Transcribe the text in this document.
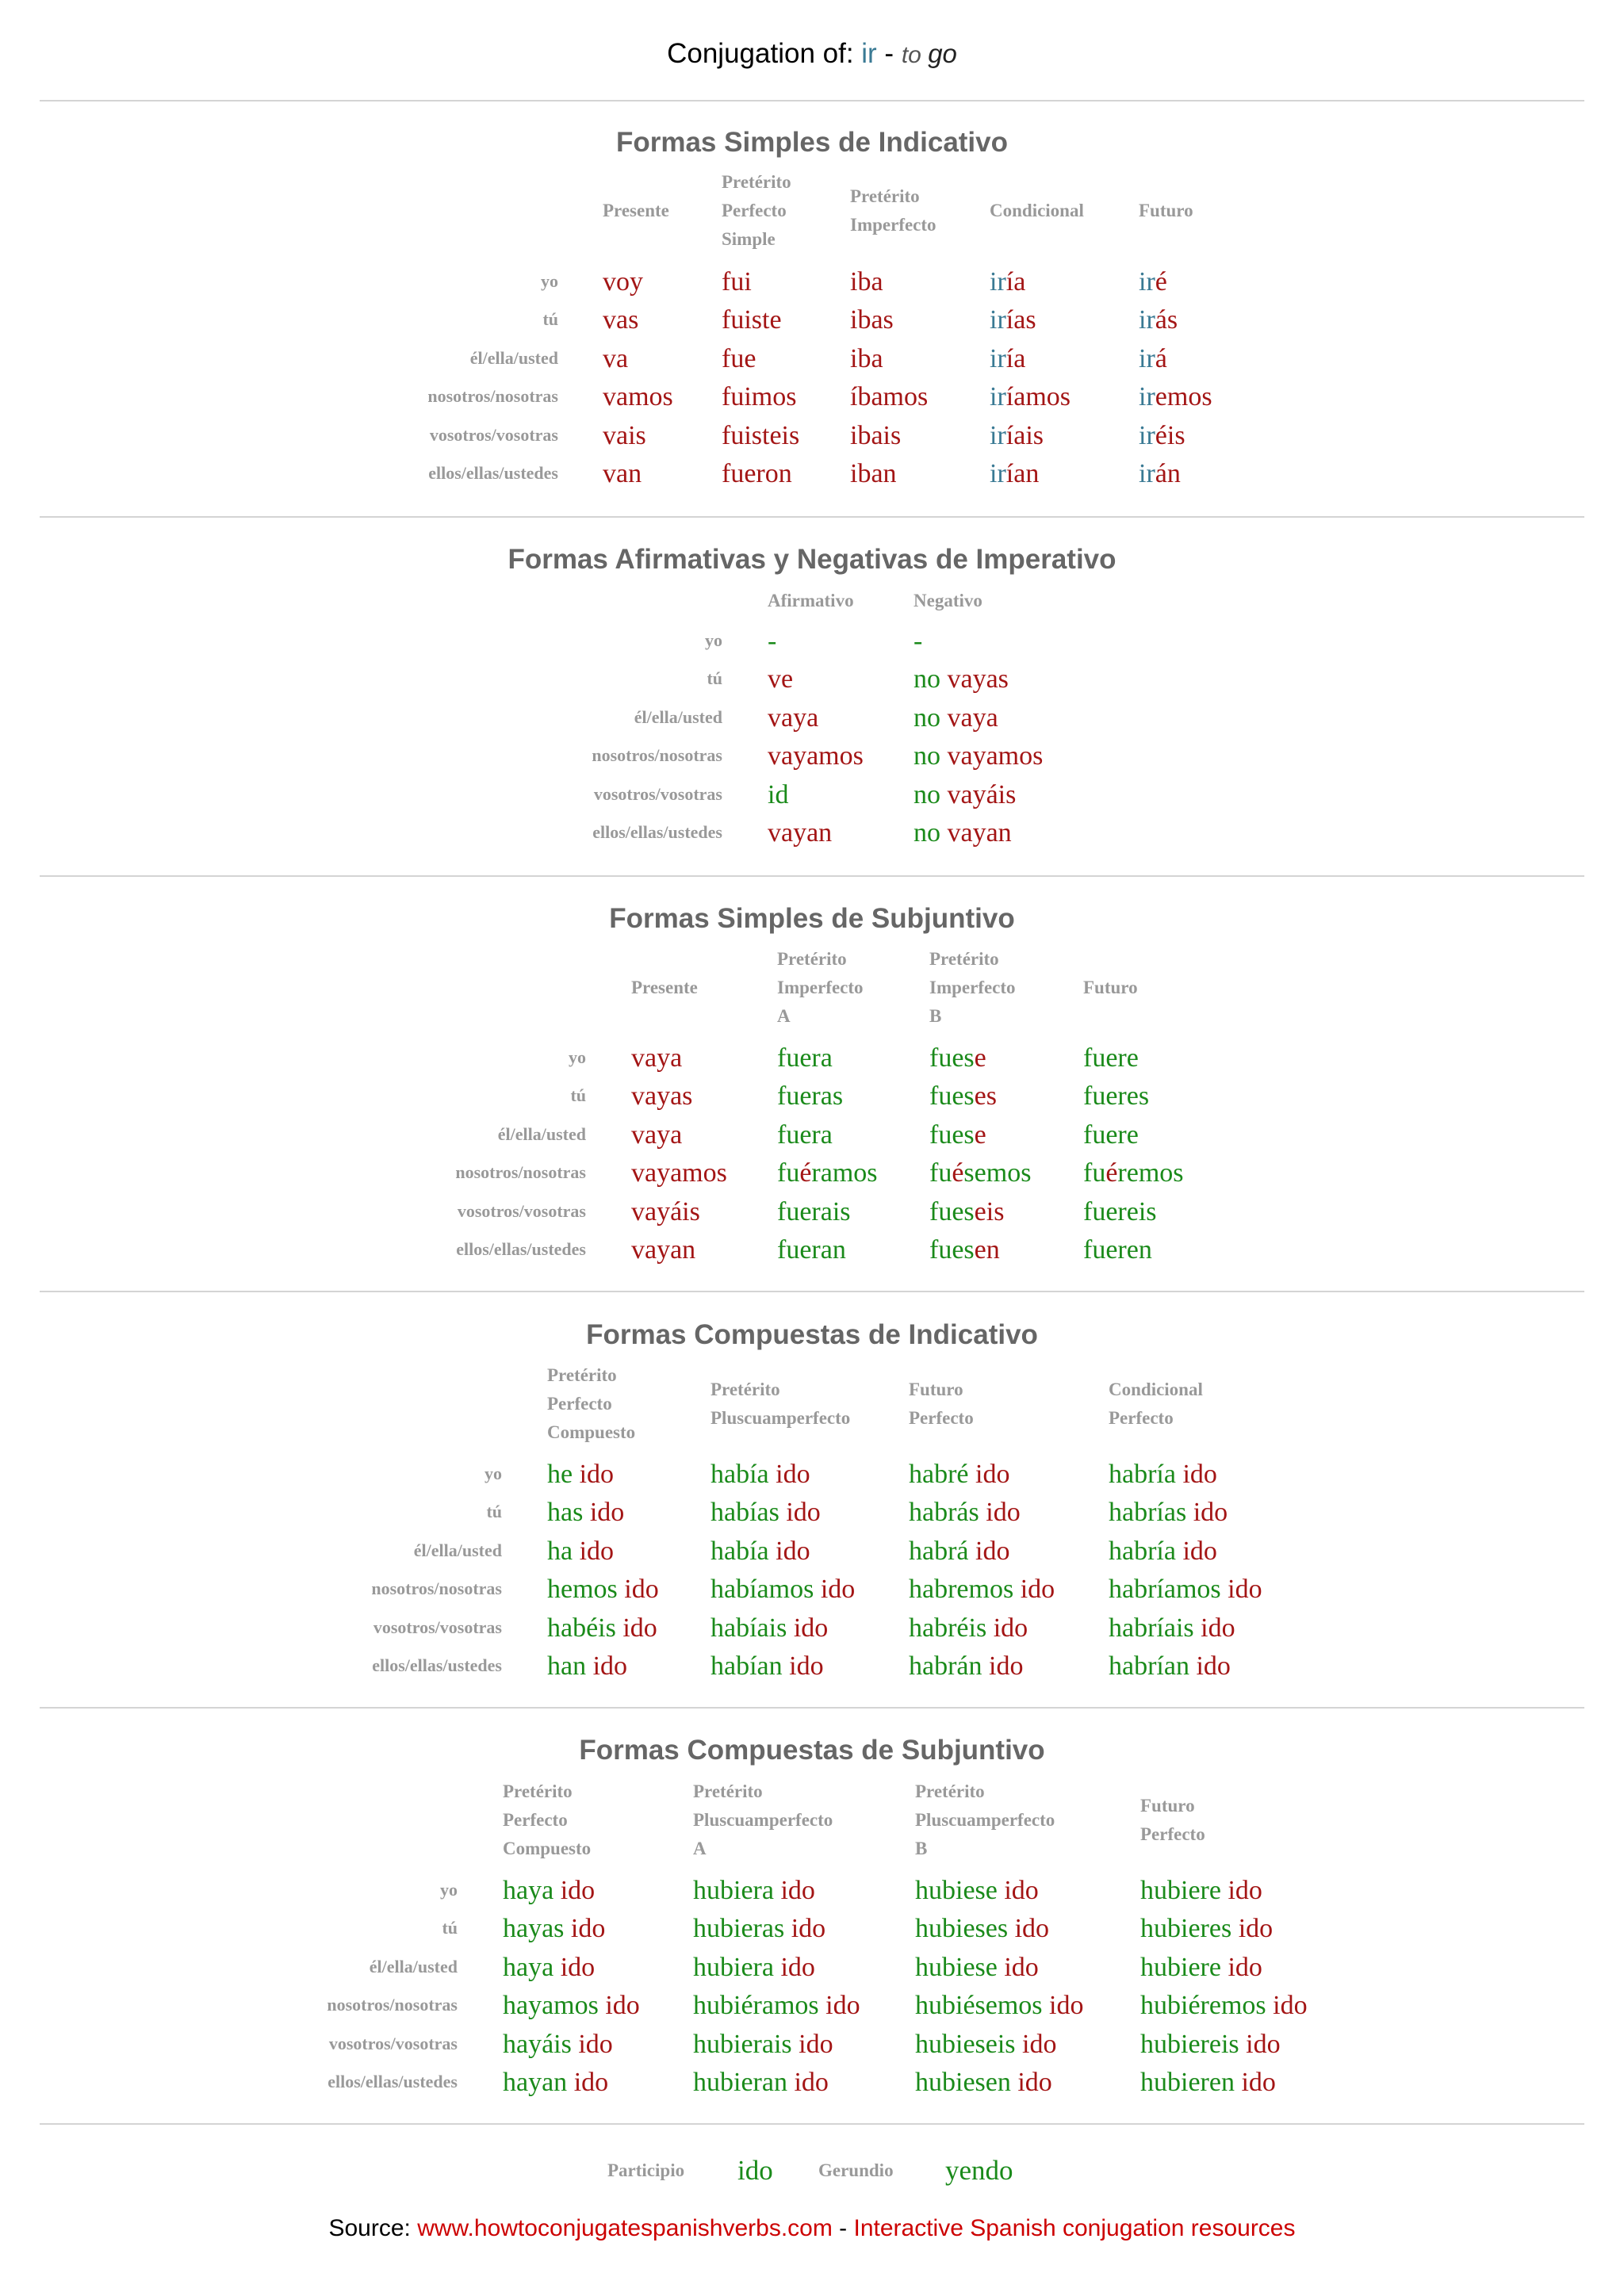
Conjugation of: ir - to go
Formas Simples de Indicativo
yo
tú
él/ella/usted
nosotros/nosotras
vosotros/vosotras
ellos/ellas/ustedes
Presente
voy
vas
va
vamos
vais
van
Pretérito
Perfecto
Simple
fui
fuiste
fue
fuimos
fuisteis
fueron
Pretérito
Imperfecto
iba
ibas
iba
íbamos
ibais
iban
Condicional
iría
irías
iría
iríamos
iríais
irían
Futuro
iré
irás
irá
iremos
iréis
irán
Formas Afirmativas y Negativas de Imperativo
yo
tú
él/ella/usted
nosotros/nosotras
vosotros/vosotras
ellos/ellas/ustedes
Afirmativo
-
ve
vaya
vayamos
id
vayan
Negativo
-
no vayas
no vaya
no vayamos
no vayáis
no vayan
Formas Simples de Subjuntivo
yo
tú
él/ella/usted
nosotros/nosotras
vosotros/vosotras
ellos/ellas/ustedes
Presente
vaya
vayas
vaya
vayamos
vayáis
vayan
Pretérito
Imperfecto
A
fuera
fueras
fuera
fuéramos
fuerais
fueran
Pretérito
Imperfecto
B
fuese
fueses
fuese
fuésemos
fueseis
fuesen
Futuro
fuere
fueres
fuere
fuéremos
fuereis
fueren
Formas Compuestas de Indicativo
yo
tú
él/ella/usted
nosotros/nosotras
vosotros/vosotras
ellos/ellas/ustedes
Pretérito
Perfecto
Compuesto
he ido
has ido
ha ido
hemos ido
habéis ido
han ido
Pretérito
Pluscuamperfecto
había ido
habías ido
había ido
habíamos ido
habíais ido
habían ido
Futuro
Perfecto
habré ido
habrás ido
habrá ido
habremos ido
habréis ido
habrán ido
Condicional
Perfecto
habría ido
habrías ido
habría ido
habríamos ido
habríais ido
habrían ido
Formas Compuestas de Subjuntivo
yo
tú
él/ella/usted
nosotros/nosotras
vosotros/vosotras
ellos/ellas/ustedes
Pretérito
Perfecto
Compuesto
haya ido
hayas ido
haya ido
hayamos ido
hayáis ido
hayan ido
Pretérito
Pluscuamperfecto
A
hubiera ido
hubieras ido
hubiera ido
hubiéramos ido
hubierais ido
hubieran ido
Pretérito
Pluscuamperfecto
B
hubiese ido
hubieses ido
hubiese ido
hubiésemos ido
hubieseis ido
hubiesen ido
Futuro
Perfecto
hubiere ido
hubieres ido
hubiere ido
hubiéremos ido
hubiereis ido
hubieren ido
Participio ido Gerundio yendo
Source: www.howtoconjugatespanishverbs.com - Interactive Spanish conjugation resources
